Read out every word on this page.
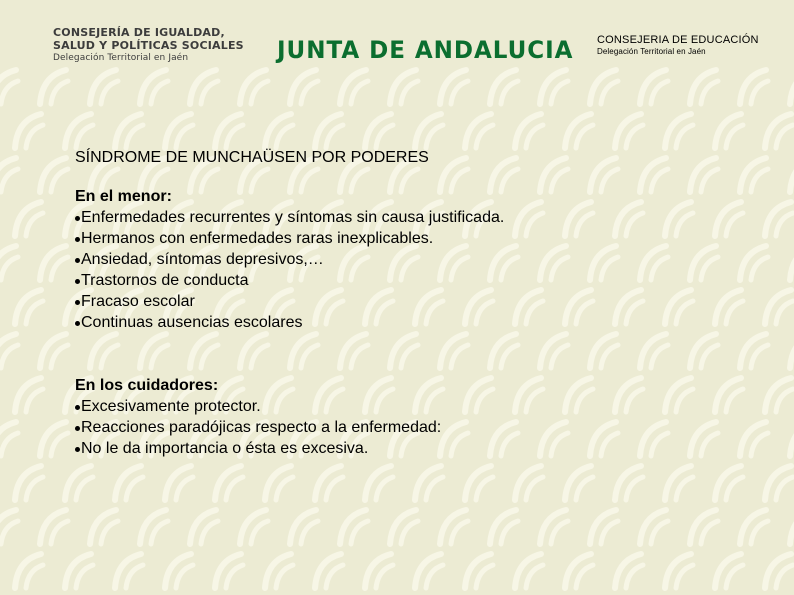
CONSEJERÍA DE IGUALDAD,
SALUD Y POLÍTICAS SOCIALES
Delegación Territorial en Jaén	JUNTA DE ANDALUCIA CONSEJERIA DE EDUCACIÓN
Delegación Territorial en Jaén
SÍNDROME DE MUNCHAÜSEN POR PODERES
En el menor:
Enfermedades recurrentes y síntomas sin causa justificada.
Hermanos con enfermedades raras inexplicables.
Ansiedad, síntomas depresivos,…
Trastornos de conducta
Fracaso escolar
Continuas ausencias escolares
En los cuidadores:
Excesivamente protector.
Reacciones paradójicas respecto a la enfermedad:
No le da importancia o ésta es excesiva.
